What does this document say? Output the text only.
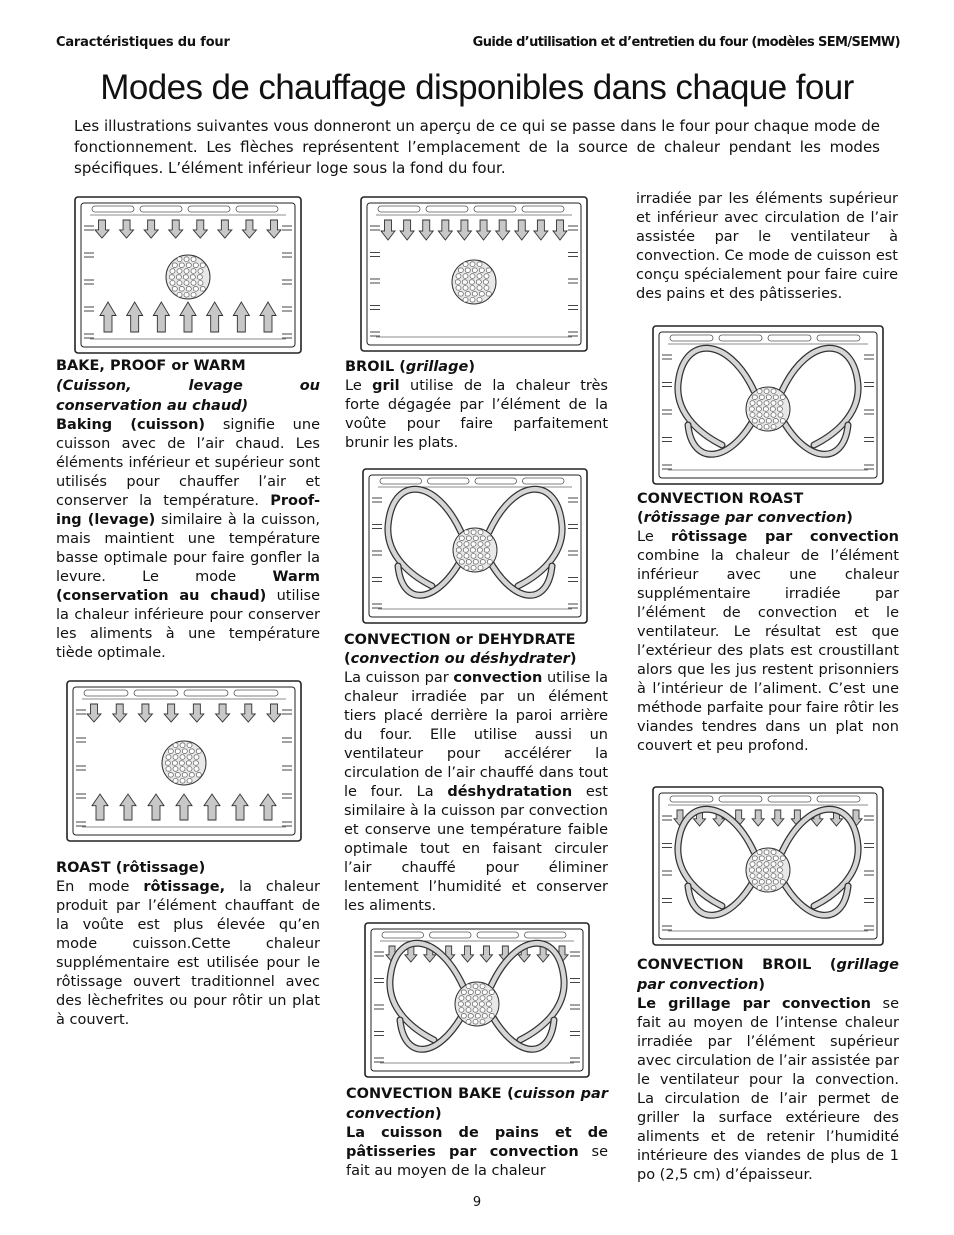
Caractéristiques du four	Guide d’utilisation et d’entretien du four (modèles SEM/SEMW)
Modes de chauffage disponibles dans chaque four

Les illustrations suivantes vous donneront un aperçu de ce qui se passe dans le four pour chaque mode de fonctionnement. Les flèches représentent l’emplacement de la source de chaleur pendant les modes spécifiques. L’élément inférieur loge sous la fond du four.

BAKE, PROOF or WARM
(Cuisson, levage ou conservation au chaud)

Baking (cuisson) signifie une cuisson avec de l’air chaud. Les éléments inférieur et supérieur sont utilisés pour chauffer l’air et conserver la température. Proof-ing (levage) similaire à la cuisson, mais maintient une température basse optimale pour faire gonfler la levure. Le mode Warm (conservation au chaud) utilise la chaleur inférieure pour conserver les aliments à une température tiède optimale.

ROAST (rôtissage)

En mode rôtissage, la chaleur produit par l’élément chauffant de la voûte est plus élevée qu’en mode cuisson.Cette chaleur supplémentaire est utilisée pour le rôtissage ouvert traditionnel avec des lèchefrites ou pour rôtir un plat à couvert.

BROIL (grillage)

Le gril utilise de la chaleur très forte dégagée par l’élément de la voûte pour faire parfaitement brunir les plats.

CONVECTION or DEHYDRATE
(convection ou déshydrater)

La cuisson par convection utilise la chaleur irradiée par un élément tiers placé derrière la paroi arrière du four. Elle utilise aussi un ventilateur pour accélérer la circulation de l’air chauffé dans tout le four. La déshydratation est similaire à la cuisson par convection et conserve une température faible optimale tout en faisant circuler l’air chauffé pour éliminer lentement l’humidité et conserver les aliments.

CONVECTION BAKE (cuisson par convection)

La cuisson de pains et de pâtisseries par convection se fait au moyen de la chaleur

irradiée par les éléments supérieur et inférieur avec circulation de l’air assistée par le ventilateur à convection. Ce mode de cuisson est conçu spécialement pour faire cuire des pains et des pâtisseries.

CONVECTION ROAST
(rôtissage par convection)

Le rôtissage par convection combine la chaleur de l’élément inférieur avec une chaleur supplémentaire irradiée par l’élément de convection et le ventilateur. Le résultat est que l’extérieur des plats est croustillant alors que les jus restent prisonniers à l’intérieur de l’aliment. C’est une méthode parfaite pour faire rôtir les viandes tendres dans un plat non couvert et peu profond.

CONVECTION BROIL (grillage par convection)

Le grillage par convection se fait au moyen de l’intense chaleur irradiée par l’élément supérieur avec circulation de l’air assistée par le ventilateur pour la convection. La circulation de l’air permet de griller la surface extérieure des aliments et de retenir l’humidité intérieure des viandes de plus de 1 po (2,5 cm) d’épaisseur.

9
